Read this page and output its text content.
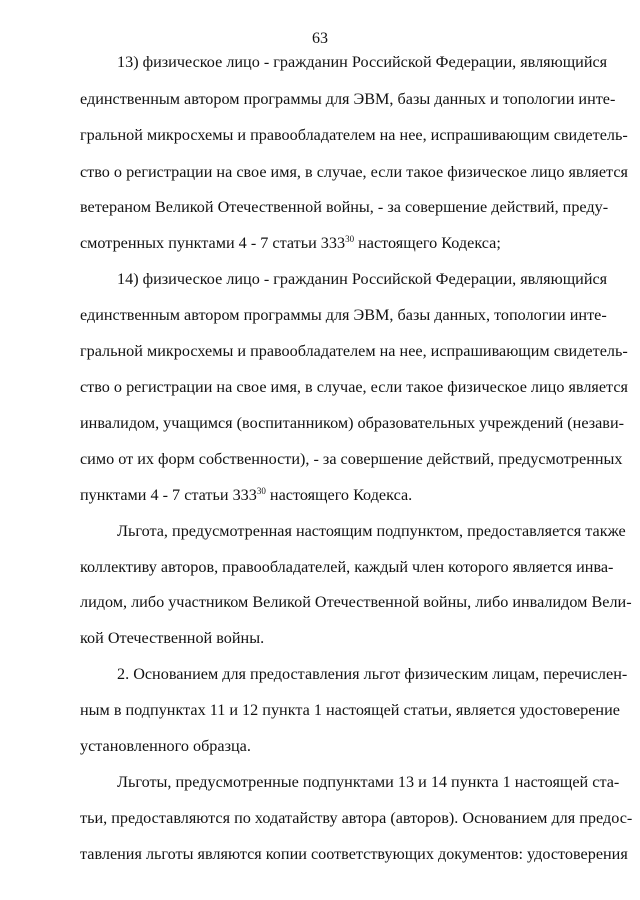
63
13) физическое лицо - гражданин Российской Федерации, являющийся
единственным автором программы для ЭВМ, базы данных и топологии инте-
гральной микросхемы и правообладателем на нее, испрашивающим свидетель-
ство о регистрации на свое имя, в случае, если такое физическое лицо является
ветераном Великой Отечественной войны, - за совершение действий, преду-
смотренных пунктами 4 - 7 статьи $333^{30}$ настоящего Кодекса;
14) физическое лицо - гражданин Российской Федерации, являющийся
единственным автором программы для ЭВМ, базы данных, топологии инте-
гральной микросхемы и правообладателем на нее, испрашивающим свидетель-
ство о регистрации на свое имя, в случае, если такое физическое лицо является
инвалидом, учащимся (воспитанником) образовательных учреждений (незави-
симо от их форм собственности), - за совершение действий, предусмотренных
пунктами 4 - 7 статьи $333^{30}$ настоящего Кодекса.
Льгота, предусмотренная настоящим подпунктом, предоставляется также
коллективу авторов, правообладателей, каждый член которого является инва-
лидом, либо участником Великой Отечественной войны, либо инвалидом Вели-
кой Отечественной войны.
2. Основанием для предоставления льгот физическим лицам, перечислен-
ным в подпунктах 11 и 12 пункта 1 настоящей статьи, является удостоверение
установленного образца.
Льготы, предусмотренные подпунктами 13 и 14 пункта 1 настоящей ста-
тьи, предоставляются по ходатайству автора (авторов). Основанием для предос-
тавления льготы являются копии соответствующих документов: удостоверения
